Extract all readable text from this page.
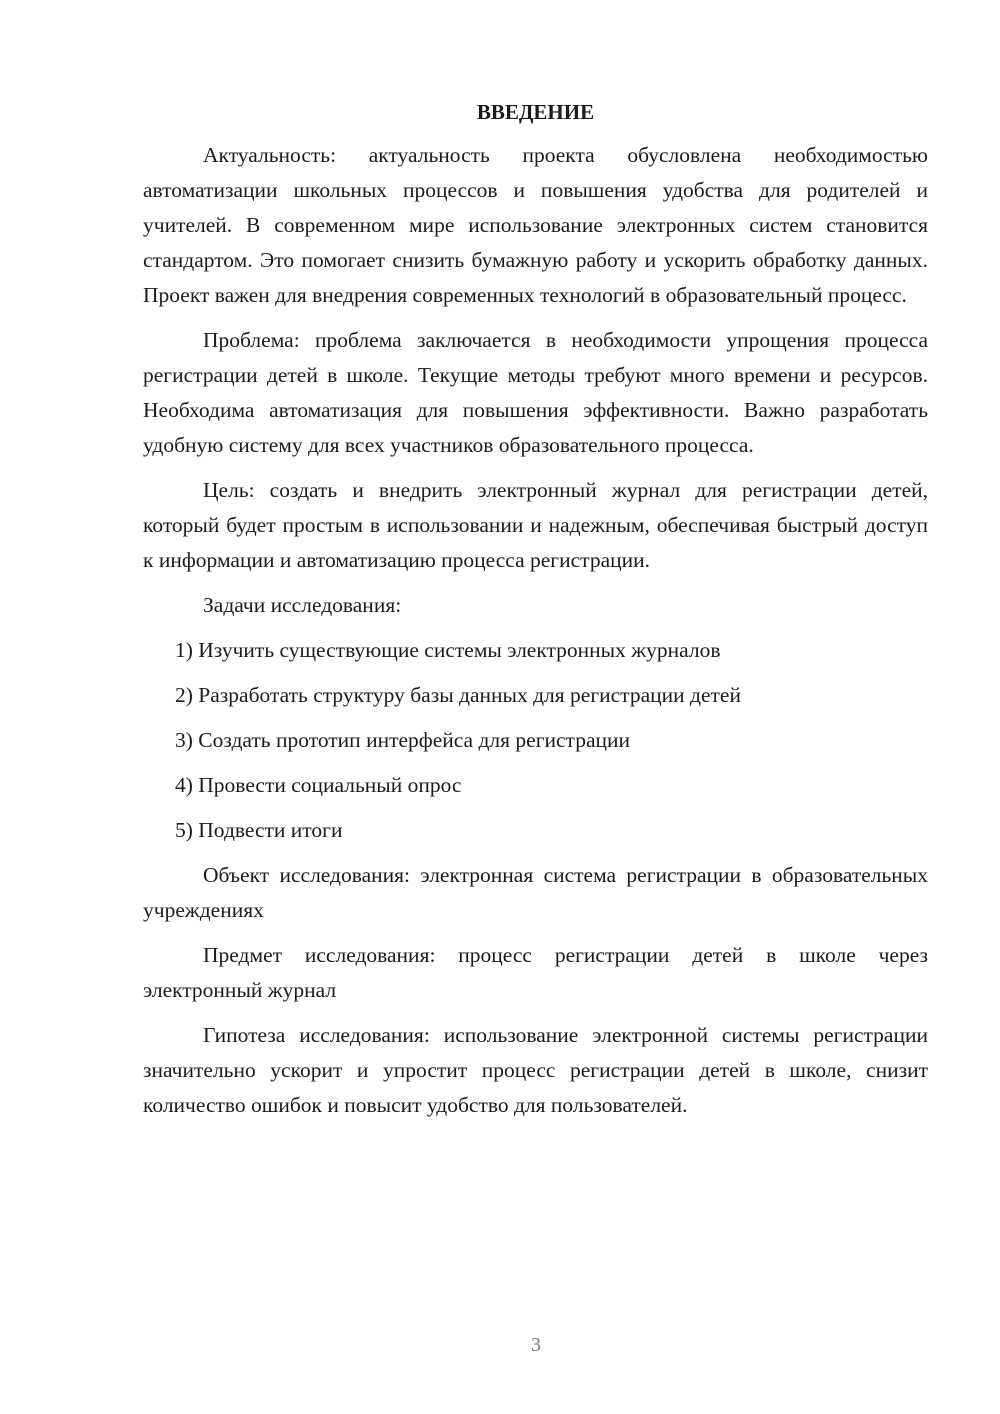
ВВЕДЕНИЕ

Актуальность: актуальность проекта обусловлена необходимостью автоматизации школьных процессов и повышения удобства для родителей и учителей. В современном мире использование электронных систем становится стандартом. Это помогает снизить бумажную работу и ускорить обработку данных. Проект важен для внедрения современных технологий в образовательный процесс.

Проблема: проблема заключается в необходимости упрощения процесса регистрации детей в школе. Текущие методы требуют много времени и ресурсов. Необходима автоматизация для повышения эффективности. Важно разработать удобную систему для всех участников образовательного процесса.

Цель: создать и внедрить электронный журнал для регистрации детей, который будет простым в использовании и надежным, обеспечивая быстрый доступ к информации и автоматизацию процесса регистрации.

Задачи исследования:
1) Изучить существующие системы электронных журналов
2) Разработать структуру базы данных для регистрации детей
3) Создать прототип интерфейса для регистрации
4) Провести социальный опрос
5) Подвести итоги

Объект исследования: электронная система регистрации в образовательных учреждениях

Предмет исследования: процесс регистрации детей в школе через электронный журнал

Гипотеза исследования: использование электронной системы регистрации значительно ускорит и упростит процесс регистрации детей в школе, снизит количество ошибок и повысит удобство для пользователей.

3
